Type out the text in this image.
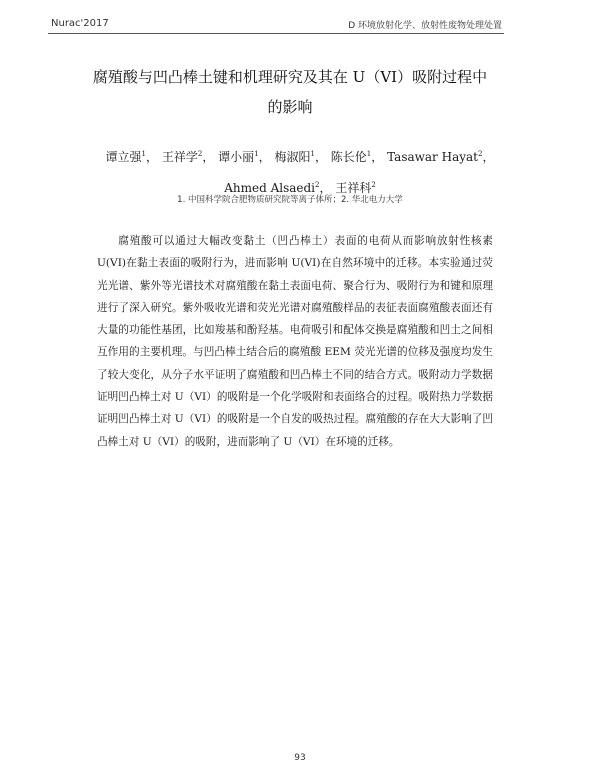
Nurac'2017	D 环境放射化学、放射性废物处理处置
腐殖酸与凹凸棒土键和机理研究及其在 U（VI）吸附过程中
的影响
谭立强$^1$， 王祥学$^2$， 谭小丽$^1$， 梅淑阳$^1$， 陈长伦$^1$， Tasawar Hayat$^2$，
Ahmed Alsaedi$^2$， 王祥科$^2$
1. 中国科学院合肥物质研究院等离子体所；2. 华北电力大学

腐殖酸可以通过大幅改变黏土（凹凸棒土）表面的电荷从而影响放射性核素U(VI)在黏土表面的吸附行为，进而影响 U(VI)在自然环境中的迁移。本实验通过荧光光谱、紫外等光谱技术对腐殖酸在黏土表面电荷、聚合行为、吸附行为和键和原理进行了深入研究。紫外吸收光谱和荧光光谱对腐殖酸样品的表征表面腐殖酸表面还有大量的功能性基团，比如羧基和酚羟基。电荷吸引和配体交换是腐殖酸和凹土之间相互作用的主要机理。与凹凸棒土结合后的腐殖酸 EEM 荧光光谱的位移及强度均发生了较大变化，从分子水平证明了腐殖酸和凹凸棒土不同的结合方式。吸附动力学数据证明凹凸棒土对 U（VI）的吸附是一个化学吸附和表面络合的过程。吸附热力学数据证明凹凸棒土对 U（VI）的吸附是一个自发的吸热过程。腐殖酸的存在大大影响了凹凸棒土对 U（VI）的吸附，进而影响了 U（VI）在环境的迁移。

93
